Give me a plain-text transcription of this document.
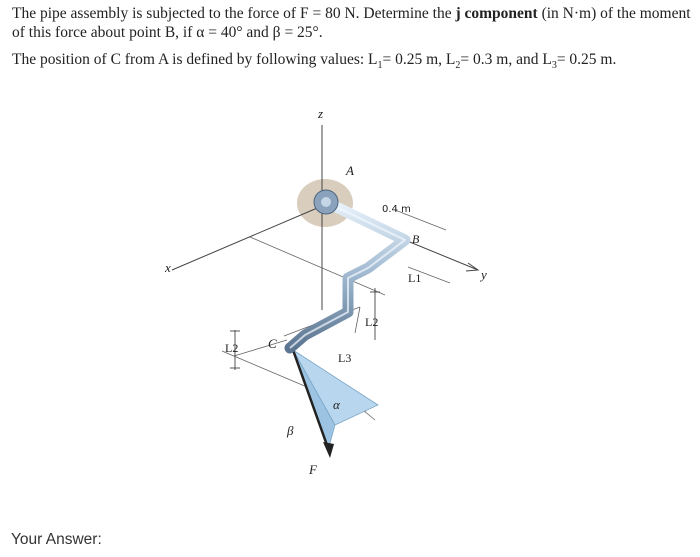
The pipe assembly is subjected to the force of F = 80 N. Determine the j component (in N·m) of the moment of this force about point B, if α = 40° and β = 25°.

The position of C from A is defined by following values: $L_1= 0.25$ m, $L_2= 0.3$ m, and $L_3= 0.25$ m.

z
x	y
A
B
C
0.4 m
L1
L2
L2
L3
α
β
F
Your Answer:
